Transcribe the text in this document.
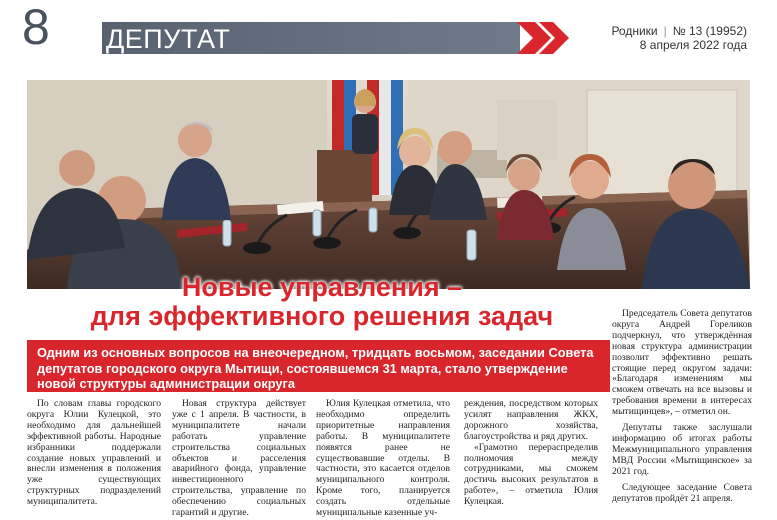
8 ДЕПУТАТ	Родники | № 13 (19952)
8 апреля 2022 года
Новые управления –
для эффективного решения задач
Одним из основных вопросов на внеочередном, тридцать восьмом, заседании Совета депутатов городского округа Мытищи, состоявшемся 31 марта, стало утверждение новой структуры администрации округа

По словам главы городского округа Юлии Кулецкой, это необходимо для дальнейшей эффективной работы. Народные избранники поддержали создание новых управлений и внесли изменения в положения уже существующих структурных подразделений муниципалитета.

Новая структура действует уже с 1 апреля. В частности, в муниципалитете начали работать управление строительства социальных объектов и расселения аварийного фонда, управление инвестиционного строительства, управление по обеспечению социальных гарантий и другие.

Юлия Кулецкая отметила, что необходимо определить приоритетные направления работы. В муниципалитете появятся ранее не существовавшие отделы. В частности, это касается отделов муниципального контроля. Кроме того, планируется создать отдельные муниципальные казенные уч-

реждения, посредством которых усилят направления ЖКХ, дорожного хозяйства, благоустройства и ряд других.

«Грамотно перераспределив полномочия между сотрудниками, мы сможем достичь высоких результатов в работе», – отметила Юлия Кулецкая.

Председатель Совета депутатов округа Андрей Гореликов подчеркнул, что утверждённая новая структура администрации позволит эффективно решать стоящие перед округом задачи: «Благодаря изменениям мы сможем отвечать на все вызовы и требования времени в интересах мытищинцев», – отметил он.

Депутаты также заслушали информацию об итогах работы Межмуниципального управления МВД России «Мытищинское» за 2021 год.

Следующее заседание Совета депутатов пройдёт 21 апреля.
